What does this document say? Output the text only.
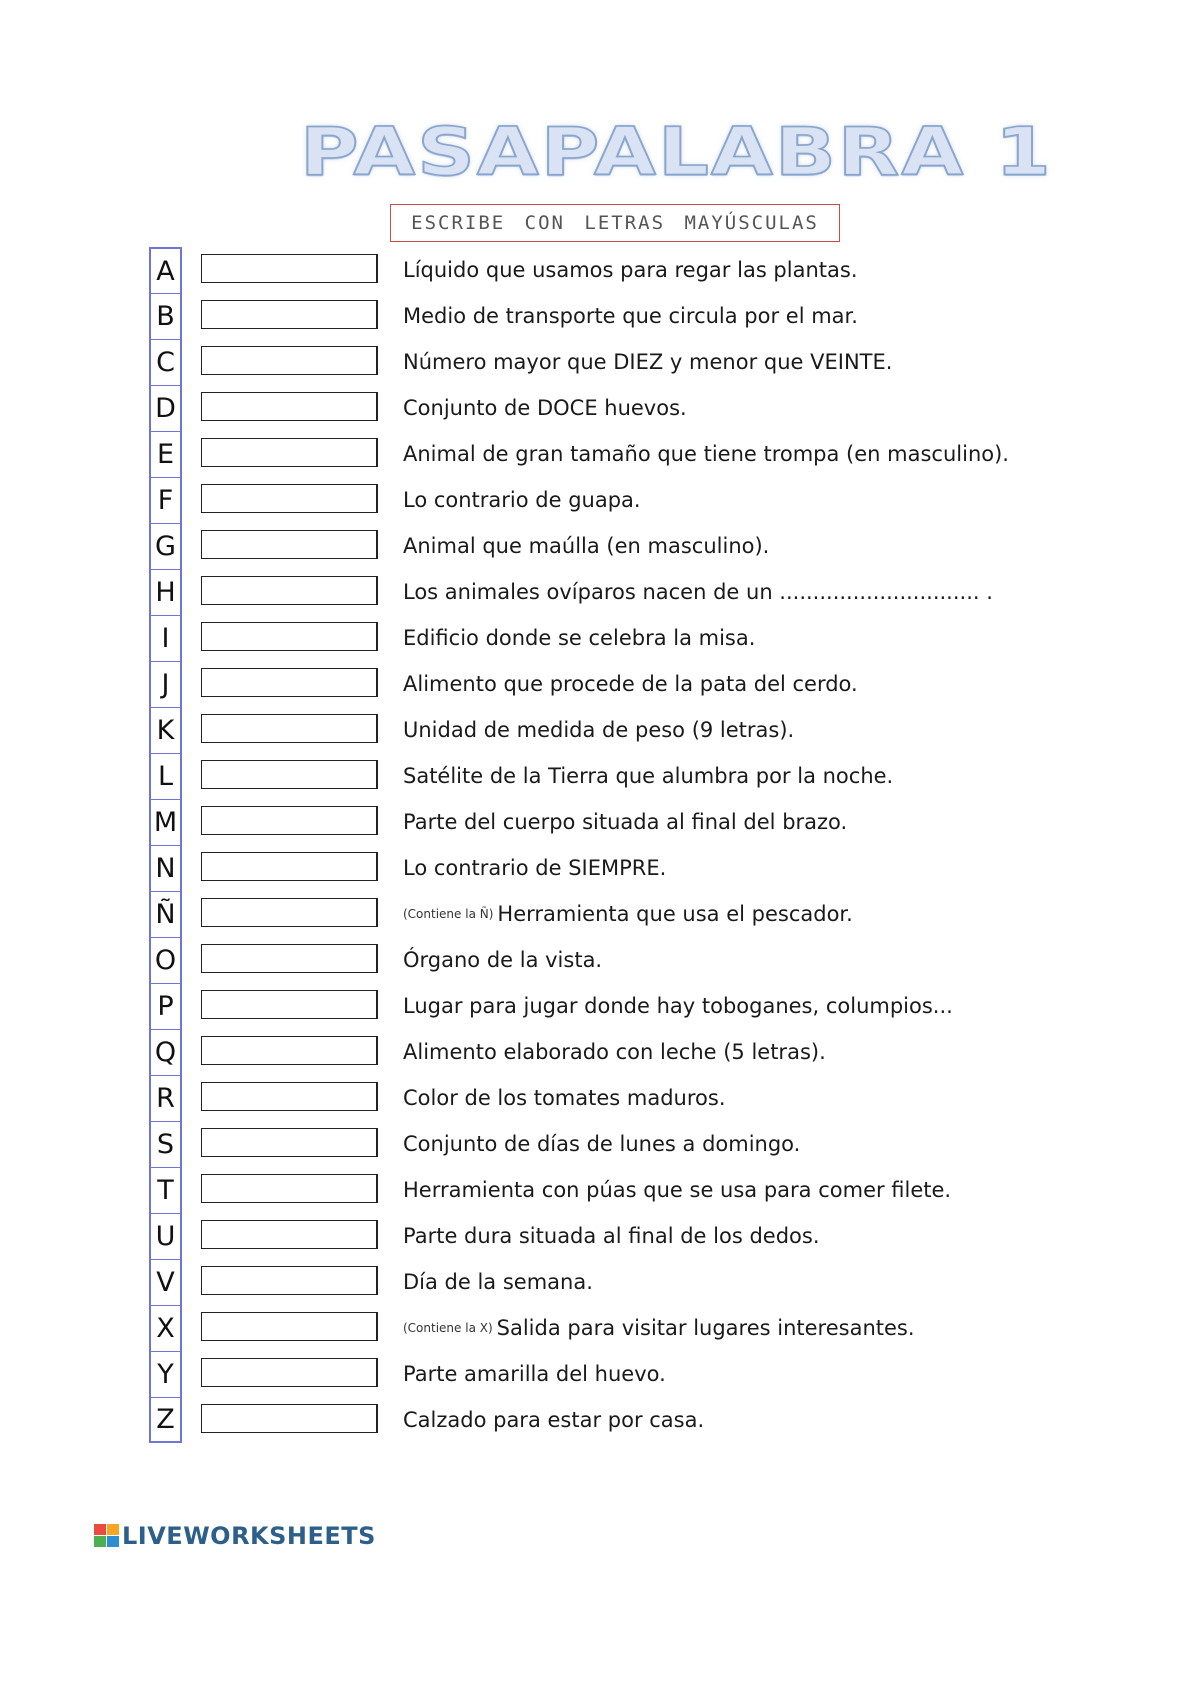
PASAPALABRA 1
ESCRIBE CON LETRAS MAYÚSCULAS
A	Líquido que usamos para regar las plantas.
B	Medio de transporte que circula por el mar.
C	Número mayor que DIEZ y menor que VEINTE.
D	Conjunto de DOCE huevos.
E	Animal de gran tamaño que tiene trompa (en masculino).
F	Lo contrario de guapa.
G	Animal que maúlla (en masculino).
H	Los animales ovíparos nacen de un .............................. .
I	Edificio donde se celebra la misa.
J	Alimento que procede de la pata del cerdo.
K	Unidad de medida de peso (9 letras).
L	Satélite de la Tierra que alumbra por la noche.
M	Parte del cuerpo situada al final del brazo.
N	Lo contrario de SIEMPRE.
Ñ	(Contiene la Ñ) Herramienta que usa el pescador.
O	Órgano de la vista.
P	Lugar para jugar donde hay toboganes, columpios...
Q	Alimento elaborado con leche (5 letras).
R	Color de los tomates maduros.
S	Conjunto de días de lunes a domingo.
T	Herramienta con púas que se usa para comer filete.
U	Parte dura situada al final de los dedos.
V	Día de la semana.
X	(Contiene la X) Salida para visitar lugares interesantes.
Y	Parte amarilla del huevo.
Z	Calzado para estar por casa.
LIVEWORKSHEETS
